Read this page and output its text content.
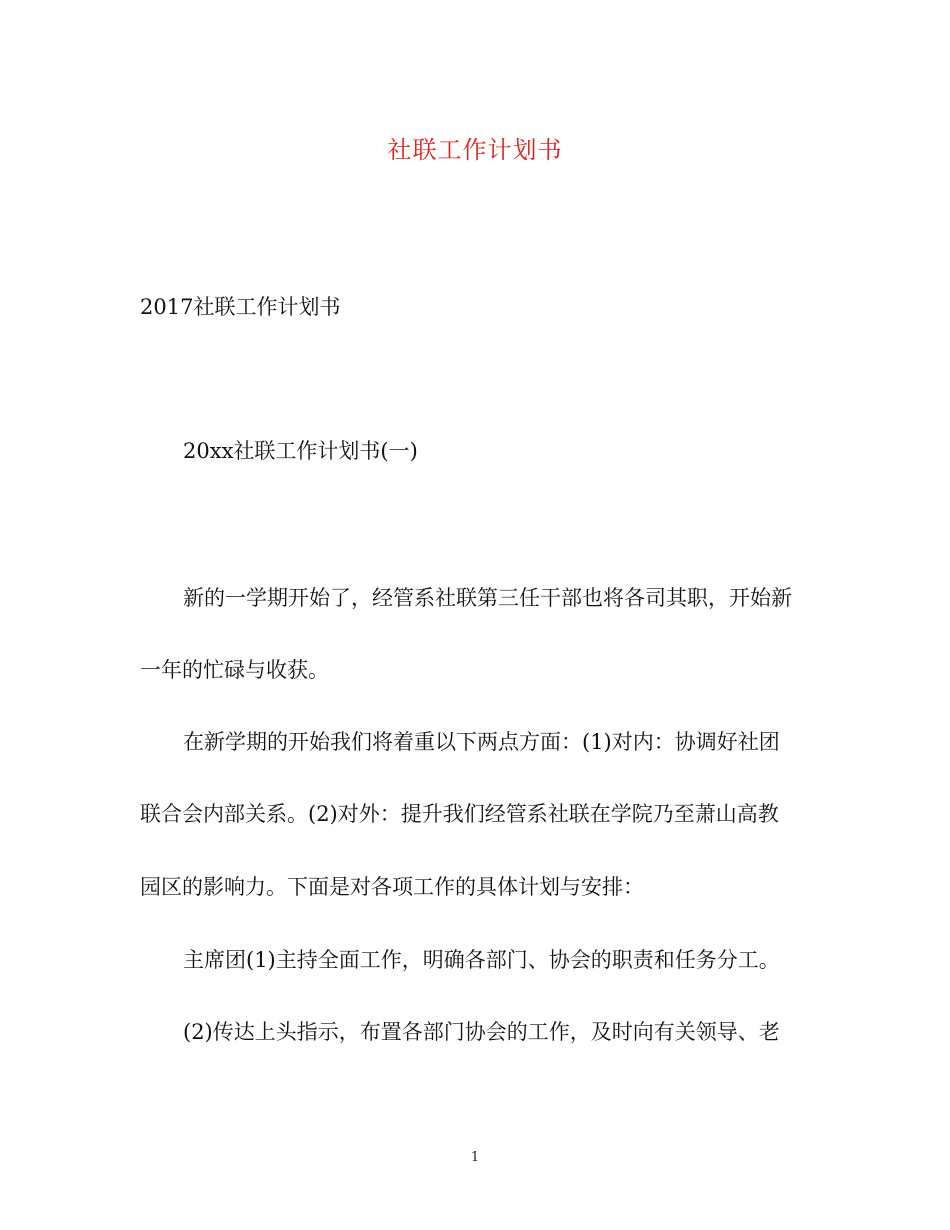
社联工作计划书

2017社联工作计划书

20xx社联工作计划书(一)

新的一学期开始了，经管系社联第三任干部也将各司其职，开始新

一年的忙碌与收获。

在新学期的开始我们将着重以下两点方面：(1)对内：协调好社团

联合会内部关系。(2)对外：提升我们经管系社联在学院乃至萧山高教

园区的影响力。下面是对各项工作的具体计划与安排：

主席团(1)主持全面工作，明确各部门、协会的职责和任务分工。

(2)传达上头指示，布置各部门协会的工作，及时向有关领导、老

1
